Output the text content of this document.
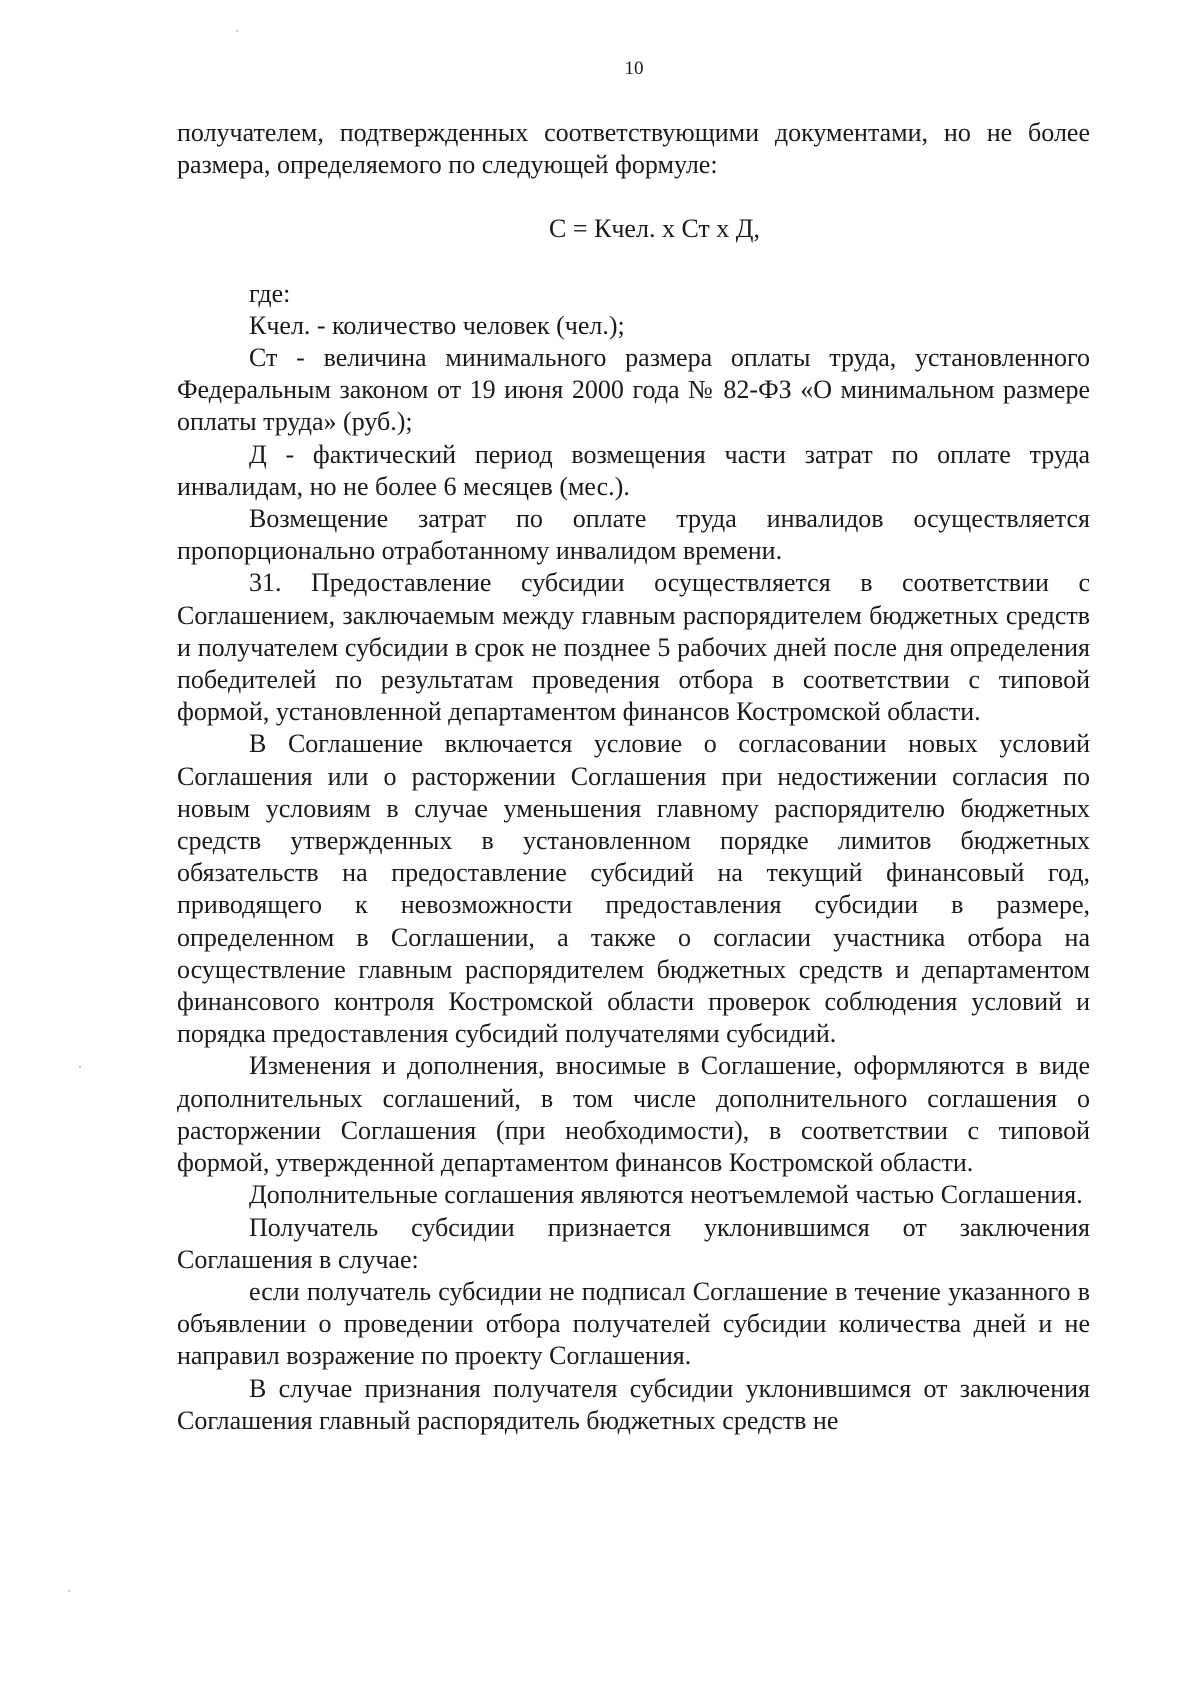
10

получателем, подтвержденных соответствующими документами, но не более размера, определяемого по следующей формуле:

С = Кчел. х Ст х Д,

где:

Кчел. - количество человек (чел.);

Ст - величина минимального размера оплаты труда, установленного Федеральным законом от 19 июня 2000 года № 82-ФЗ «О минимальном размере оплаты труда» (руб.);

Д - фактический период возмещения части затрат по оплате труда инвалидам, но не более 6 месяцев (мес.).

Возмещение затрат по оплате труда инвалидов осуществляется пропорционально отработанному инвалидом времени.

31. Предоставление субсидии осуществляется в соответствии с Соглашением, заключаемым между главным распорядителем бюджетных средств и получателем субсидии в срок не позднее 5 рабочих дней после дня определения победителей по результатам проведения отбора в соответствии с типовой формой, установленной департаментом финансов Костромской области.

В Соглашение включается условие о согласовании новых условий Соглашения или о расторжении Соглашения при недостижении согласия по новым условиям в случае уменьшения главному распорядителю бюджетных средств утвержденных в установленном порядке лимитов бюджетных обязательств на предоставление субсидий на текущий финансовый год, приводящего к невозможности предоставления субсидии в размере, определенном в Соглашении, а также о согласии участника отбора на осуществление главным распорядителем бюджетных средств и департаментом финансового контроля Костромской области проверок соблюдения условий и порядка предоставления субсидий получателями субсидий.

Изменения и дополнения, вносимые в Соглашение, оформляются в виде дополнительных соглашений, в том числе дополнительного соглашения о расторжении Соглашения (при необходимости), в соответствии с типовой формой, утвержденной департаментом финансов Костромской области.

Дополнительные соглашения являются неотъемлемой частью Соглашения.

Получатель субсидии признается уклонившимся от заключения Соглашения в случае:

если получатель субсидии не подписал Соглашение в течение указанного в объявлении о проведении отбора получателей субсидии количества дней и не направил возражение по проекту Соглашения.

В случае признания получателя субсидии уклонившимся от заключения Соглашения главный распорядитель бюджетных средств не
